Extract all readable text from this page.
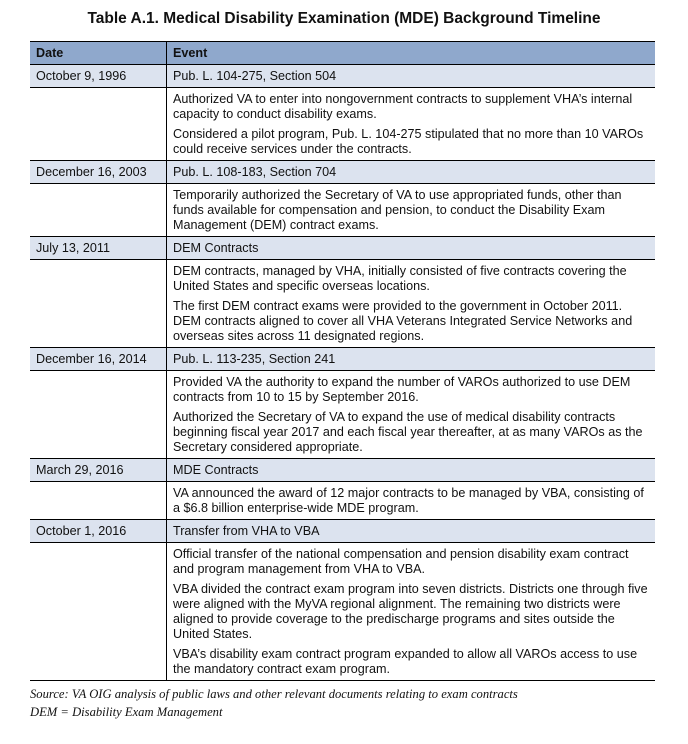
Table A.1. Medical Disability Examination (MDE) Background Timeline
Date	Event
October 9, 1996	Pub. L. 104-275, Section 504

	Authorized VA to enter into nongovernment contracts to supplement VHA’s internal capacity to conduct disability exams.
Considered a pilot program, Pub. L. 104-275 stipulated that no more than 10 VAROs could receive services under the contracts.

December 16, 2003	Pub. L. 108-183, Section 704

	Temporarily authorized the Secretary of VA to use appropriated funds, other than funds available for compensation and pension, to conduct the Disability Exam Management (DEM) contract exams.

July 13, 2011	DEM Contracts

	DEM contracts, managed by VHA, initially consisted of five contracts covering the United States and specific overseas locations.
The first DEM contract exams were provided to the government in October 2011. DEM contracts aligned to cover all VHA Veterans Integrated Service Networks and overseas sites across 11 designated regions.

December 16, 2014	Pub. L. 113-235, Section 241

	Provided VA the authority to expand the number of VAROs authorized to use DEM contracts from 10 to 15 by September 2016.
Authorized the Secretary of VA to expand the use of medical disability contracts beginning fiscal year 2017 and each fiscal year thereafter, at as many VAROs as the Secretary considered appropriate.

March 29, 2016	MDE Contracts

	VA announced the award of 12 major contracts to be managed by VBA, consisting of a $6.8 billion enterprise-wide MDE program.

October 1, 2016	Transfer from VHA to VBA

	Official transfer of the national compensation and pension disability exam contract and program management from VHA to VBA.
VBA divided the contract exam program into seven districts. Districts one through five were aligned with the MyVA regional alignment. The remaining two districts were aligned to provide coverage to the predischarge programs and sites outside the United States.
VBA’s disability exam contract program expanded to allow all VAROs access to use the mandatory contract exam program.
Source: VA OIG analysis of public laws and other relevant documents relating to exam contracts
DEM = Disability Exam Management
